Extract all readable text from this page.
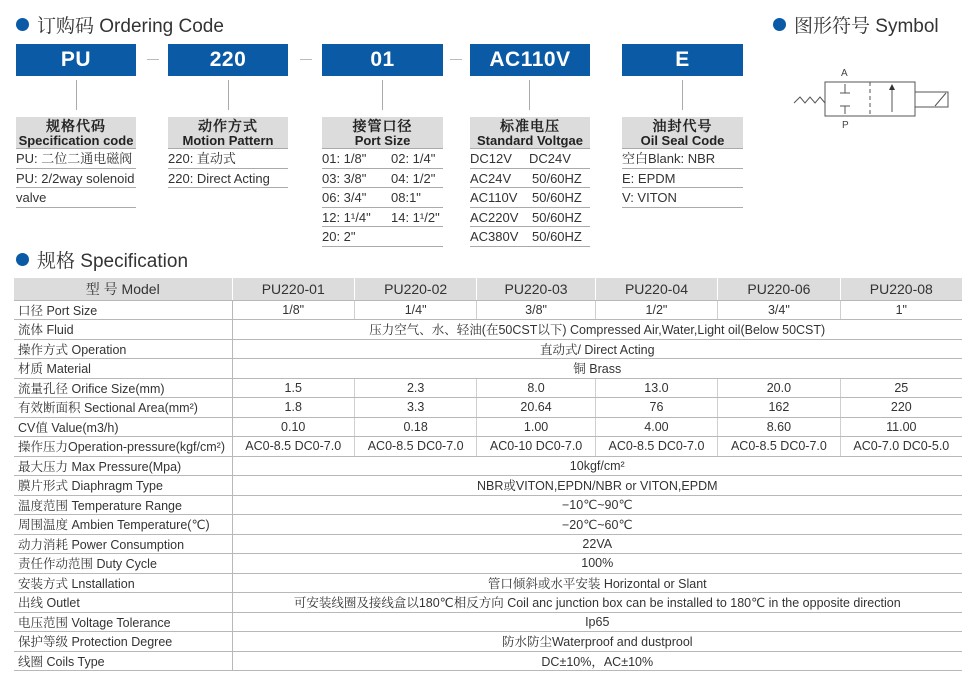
订购码 Ordering Code
PU	220	01	AC110V	E
规格代码
Specification code
PU: 二位二通电磁阀
PU: 2/2way solenoid
valve
动作方式
Motion Pattern
220: 直动式
220: Direct Acting
接管口径
Port Size
01: 1/8"	02: 1/4"
03: 3/8"	04: 1/2"
06: 3/4"	08:1"
12: 1¹/4"	14: 1¹/2"
20: 2"
标准电压
Standard Voltgae
DC12V	DC24V
AC24V	50/60HZ
AC110V	50/60HZ
AC220V	50/60HZ
AC380V	50/60HZ
油封代号
Oil Seal Code
空白Blank: NBR
E: EPDM
V: VITON
图形符号 Symbol
A
P
规格 Specification
型 号 Model	PU220-01	PU220-02	PU220-03	PU220-04	PU220-06	PU220-08
口径 Port Size	1/8"	1/4"	3/8"	1/2"	3/4"	1"
流体 Fluid	压力空气、水、轻油(在50CST以下) Compressed Air,Water,Light oil(Below 50CST)					
操作方式 Operation	直动式/ Direct Acting					
材质 Material	铜 Brass					
流量孔径 Orifice Size(mm)	1.5	2.3	8.0	13.0	20.0	25
有效断面积 Sectional Area(mm²)	1.8	3.3	20.64	76	162	220
CV值 Value(m3/h)	0.10	0.18	1.00	4.00	8.60	11.00
操作压力Operation-pressure(kgf/cm²)	AC0-8.5 DC0-7.0	AC0-8.5 DC0-7.0	AC0-10 DC0-7.0	AC0-8.5 DC0-7.0	AC0-8.5 DC0-7.0	AC0-7.0 DC0-5.0
最大压力 Max Pressure(Mpa)	10kgf/cm²					
膜片形式 Diaphragm Type	NBR或VITON,EPDN/NBR or VITON,EPDM					
温度范围 Temperature Range	−10℃~90℃					
周围温度 Ambien Temperature(℃)	−20℃~60℃					
动力消耗 Power Consumption	22VA					
责任作动范围 Duty Cycle	100%					
安装方式 Lnstallation	管口倾斜或水平安装 Horizontal or Slant					
出线 Outlet	可安装线圈及接线盒以180℃相反方向 Coil anc junction box can be installed to 180℃ in the opposite direction					
电压范围 Voltage Tolerance	Ip65					
保护等级 Protection Degree	防水防尘Waterproof and dustprool					
线圈 Coils Type	DC±10%，AC±10%					
